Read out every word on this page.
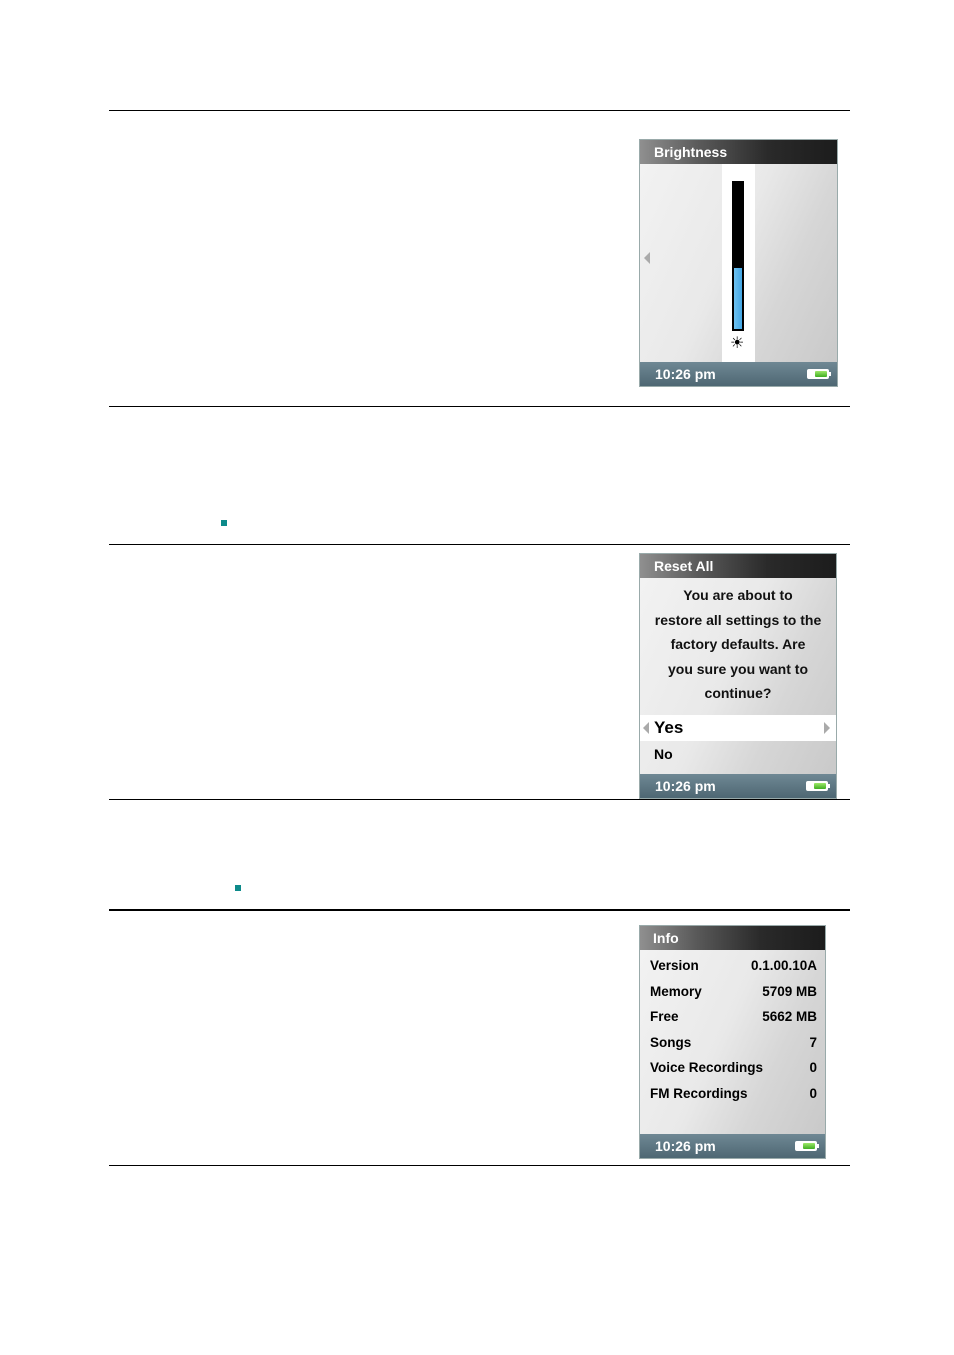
Brightness
☀
10:26 pm
Reset All
You are about to
restore all settings to the
factory defaults. Are
you sure you want to
continue?
Yes
No
10:26 pm
Info
Version	0.1.00.10A
Memory	5709 MB
Free	5662 MB
Songs	7
Voice Recordings	0
FM Recordings	0
10:26 pm
